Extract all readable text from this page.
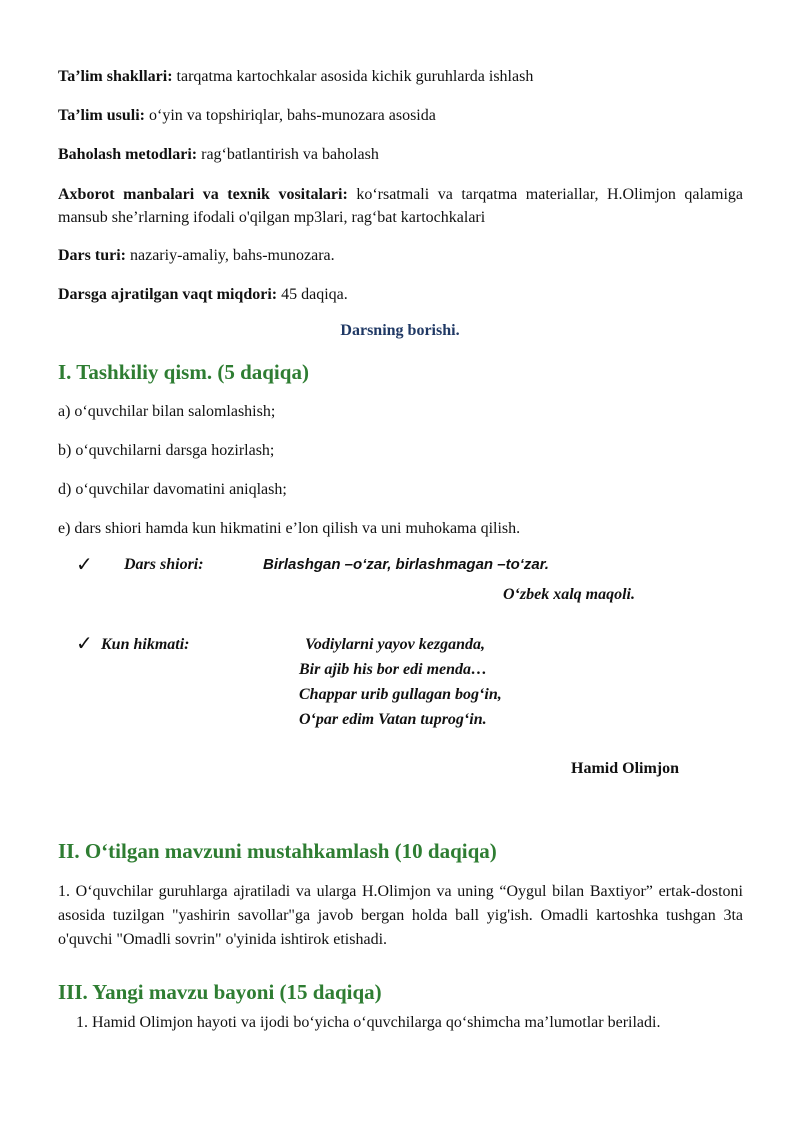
Ta’lim shakllari: tarqatma kartochkalar asosida kichik guruhlarda ishlash

Ta’lim usuli: o‘yin va topshiriqlar, bahs-munozara asosida

Baholash metodlari: rag‘batlantirish va baholash

Axborot manbalari va texnik vositalari: ko‘rsatmali va tarqatma materiallar, H.Olimjon qalamiga mansub she’rlarning ifodali o'qilgan mp3lari, rag‘bat kartochkalari

Dars turi: nazariy-amaliy, bahs-munozara.

Darsga ajratilgan vaqt miqdori: 45 daqiqa.

Darsning borishi.
I. Tashkiliy qism. (5 daqiqa)

a) o‘quvchilar bilan salomlashish;

b) o‘quvchilarni darsga hozirlash;

d) o‘quvchilar davomatini aniqlash;

e) dars shiori hamda kun hikmatini e’lon qilish va uni muhokama qilish.

✓ Dars shiori:	Birlashgan –o‘zar, birlashmagan –to‘zar.
O‘zbek xalq maqoli.
✓ Kun hikmati:	Vodiylarni yayov kezganda,
Bir ajib his bor edi menda…
Chappar urib gullagan bog‘in,
O‘par edim Vatan tuprog‘in.
Hamid Olimjon
II. O‘tilgan mavzuni mustahkamlash (10 daqiqa)

1. O‘quvchilar guruhlarga ajratiladi va ularga H.Olimjon va uning “Oygul bilan Baxtiyor” ertak-dostoni asosida tuzilgan "yashirin savollar"ga javob bergan holda ball yig'ish. Omadli kartoshka tushgan 3ta o'quvchi "Omadli sovrin" o'yinida ishtirok etishadi.

III. Yangi mavzu bayoni (15 daqiqa)

1. Hamid Olimjon hayoti va ijodi bo‘yicha o‘quvchilarga qo‘shimcha ma’lumotlar beriladi.
